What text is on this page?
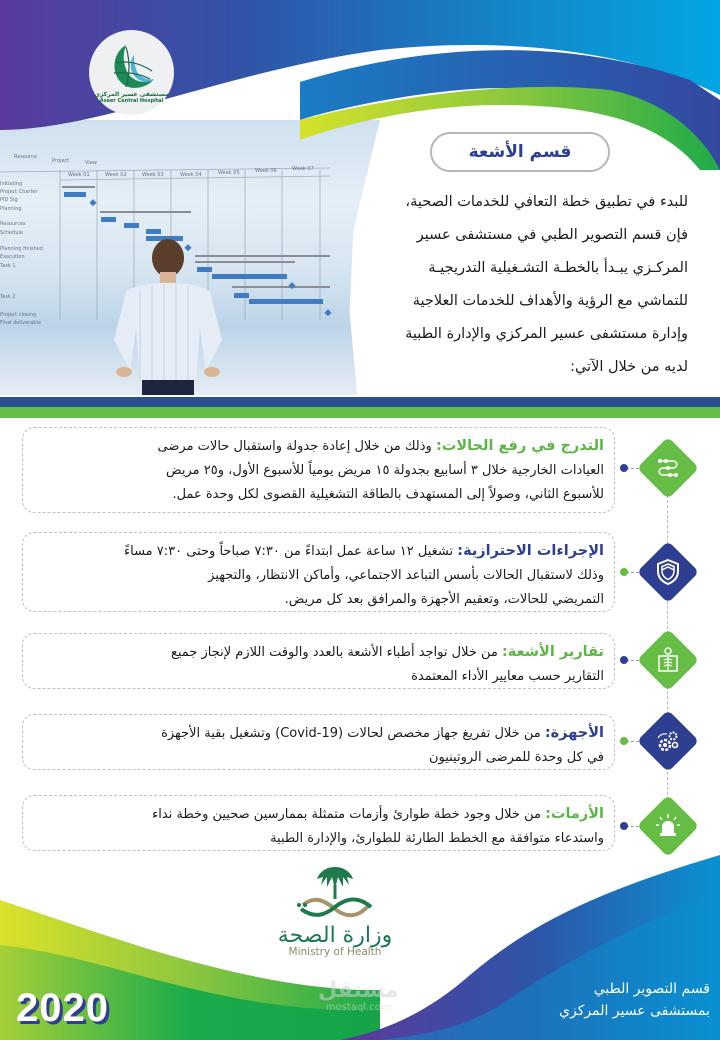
Resource
Project	View
Week 01	Week 02	Week 03	Week 04	Week 05	Week 06	Week 07
Initiating
Project Charter
PID Sig
Planning
Resources
Schedule
Planning finished
Execution
Task 1
Task 2
Project closing
Final deliverable
مستشفى عسير المركزي
Aseer Central Hospital
قسم الأشعة
للبدء في تطبيق خطة التعافي للخدمات الصحية،
فإن قسم التصوير الطبي في مستشفى عسير
المركـزي يبـدأ بالخطـة التشـغيلية التدريجيـة
للتماشي مع الرؤية والأهداف للخدمات العلاجية
وإدارة مستشفى عسير المركزي والإدارة الطبية
لديه من خلال الآتي:
التدرج في رفع الحالات: وذلك من خلال إعادة جدولة واستقبال حالات مرضى
العيادات الخارجية خلال ٣ أسابيع بجدولة ١٥ مريض يومياً للأسبوع الأول، و٢٥ مريض
للأسبوع الثاني، وصولاً إلى المستهدف بالطاقة التشغيلية القصوى لكل وحدة عمل.
الإجراءات الاحترازية: تشغيل ١٢ ساعة عمل ابتداءً من ٧:٣٠ صباحاً وحتى ٧:٣٠ مساءً
وذلك لاستقبال الحالات بأسس التباعد الاجتماعي، وأماكن الانتظار، والتجهيز
التمريضي للحالات، وتعقيم الأجهزة والمرافق بعد كل مريض.
تقارير الأشعة: من خلال تواجد أطباء الأشعة بالعدد والوقت اللازم لإنجاز جميع
التقارير حسب معايير الأداء المعتمدة
الأجهزة: من خلال تفريغ جهاز مخصص لحالات (Covid-19) وتشغيل بقية الأجهزة
في كل وحدة للمرضى الروتينيون
الأزمات: من خلال وجود خطة طوارئ وأزمات متمثلة بممارسين صحيين وخطة نداء
واستدعاء متوافقة مع الخطط الطارئة للطوارئ، والإدارة الطبية
وزارة الصحة
Ministry of Health
مستقل
mostaql.com
قسم التصوير الطبي
بمستشفى عسير المركزي
2020
